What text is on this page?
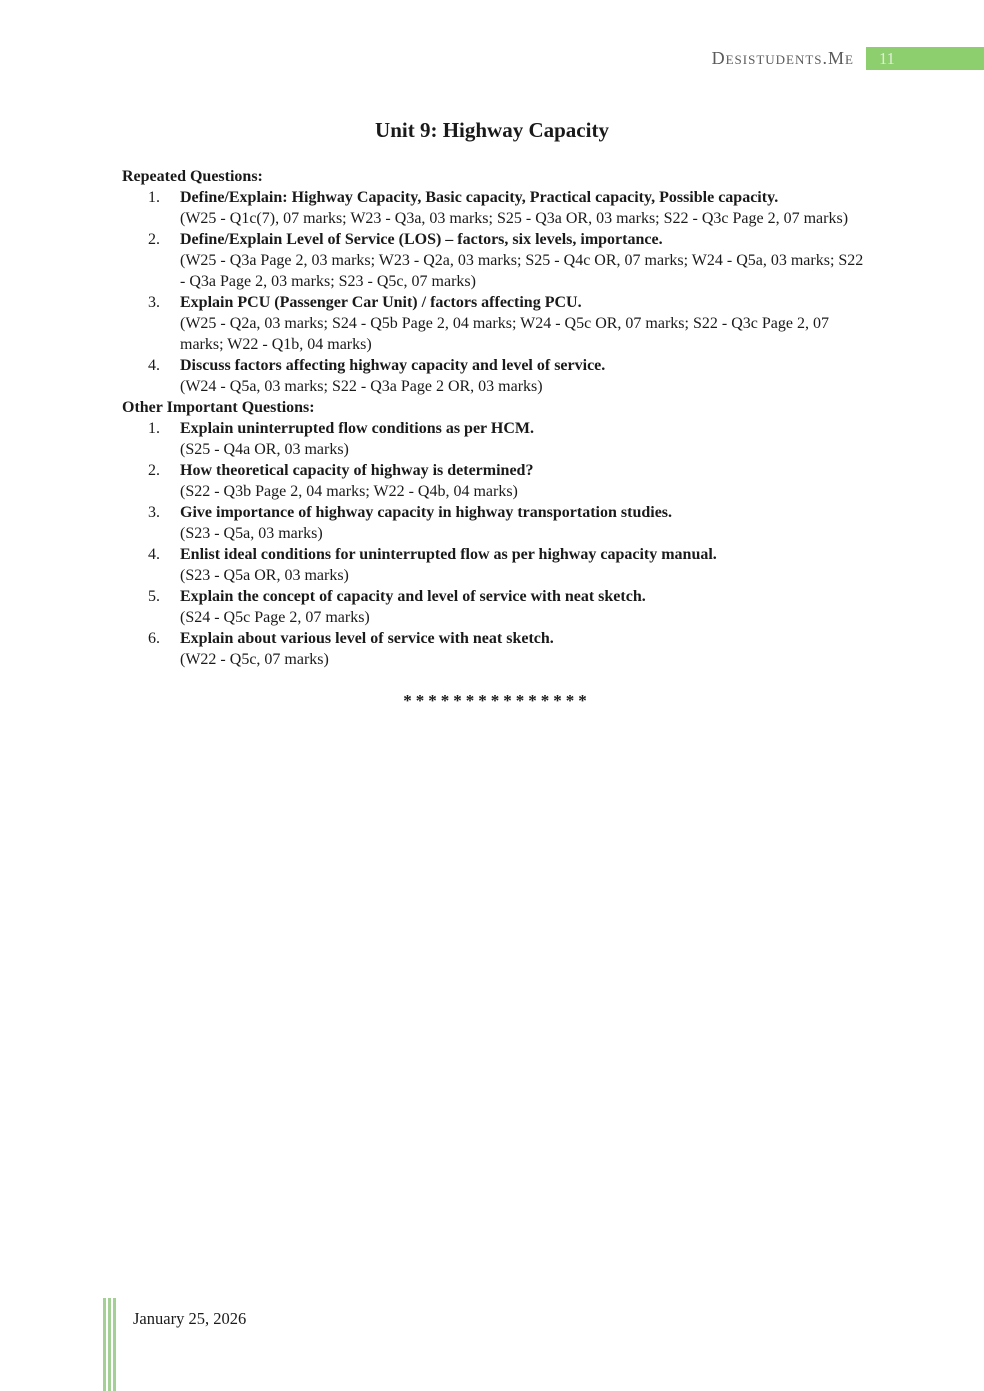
Desistudents.Me	11
Unit 9: Highway Capacity
Repeated Questions:
1. Define/Explain: Highway Capacity, Basic capacity, Practical capacity, Possible capacity.
(W25 - Q1c(7), 07 marks; W23 - Q3a, 03 marks; S25 - Q3a OR, 03 marks; S22 - Q3c Page 2, 07 marks)
2. Define/Explain Level of Service (LOS) – factors, six levels, importance.
(W25 - Q3a Page 2, 03 marks; W23 - Q2a, 03 marks; S25 - Q4c OR, 07 marks; W24 - Q5a, 03 marks; S22 - Q3a Page 2, 03 marks; S23 - Q5c, 07 marks)
3. Explain PCU (Passenger Car Unit) / factors affecting PCU.
(W25 - Q2a, 03 marks; S24 - Q5b Page 2, 04 marks; W24 - Q5c OR, 07 marks; S22 - Q3c Page 2, 07 marks; W22 - Q1b, 04 marks)
4. Discuss factors affecting highway capacity and level of service.
(W24 - Q5a, 03 marks; S22 - Q3a Page 2 OR, 03 marks)
Other Important Questions:
1. Explain uninterrupted flow conditions as per HCM.
(S25 - Q4a OR, 03 marks)
2. How theoretical capacity of highway is determined?
(S22 - Q3b Page 2, 04 marks; W22 - Q4b, 04 marks)
3. Give importance of highway capacity in highway transportation studies.
(S23 - Q5a, 03 marks)
4. Enlist ideal conditions for uninterrupted flow as per highway capacity manual.
(S23 - Q5a OR, 03 marks)
5. Explain the concept of capacity and level of service with neat sketch.
(S24 - Q5c Page 2, 07 marks)
6. Explain about various level of service with neat sketch.
(W22 - Q5c, 07 marks)
***************
January 25, 2026
